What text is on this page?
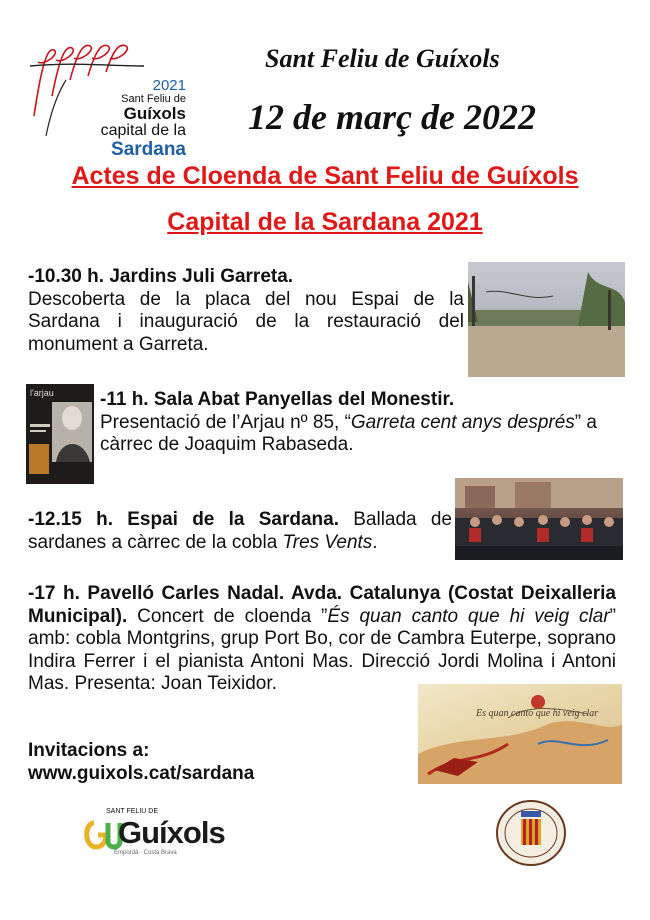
2021
Sant Feliu de Guíxols
capital de la
Sardana
Sant Feliu de Guíxols
12 de març de 2022
Actes de Cloenda de Sant Feliu de Guíxols
Capital de la Sardana 2021
-10.30 h. Jardins Juli Garreta.
Descoberta de la placa del nou Espai de la Sardana i inauguració de la restauració del monument a Garreta.
l'arjau -11 h. Sala Abat Panyellas del Monestir.
Presentació de l’Arjau nº 85, “Garreta cent anys després” a càrrec de Joaquim Rabaseda.
-12.15 h. Espai de la Sardana. Ballada de sardanes a càrrec de la cobla Tres Vents.
-17 h. Pavelló Carles Nadal. Avda. Catalunya (Costat Deixalleria Municipal). Concert de cloenda ”És quan canto que hi veig clar” amb: cobla Montgrins, grup Port Bo, cor de Cambra Euterpe, soprano Indira Ferrer i el pianista Antoni Mas. Direcció Jordi Molina i Antoni Mas. Presenta: Joan Teixidor.
Es quan canto que hi veig clar
Invitacions a:
www.guixols.cat/sardana
SANT FELIU DE
Guíxols
Empordà · Costa Brava
